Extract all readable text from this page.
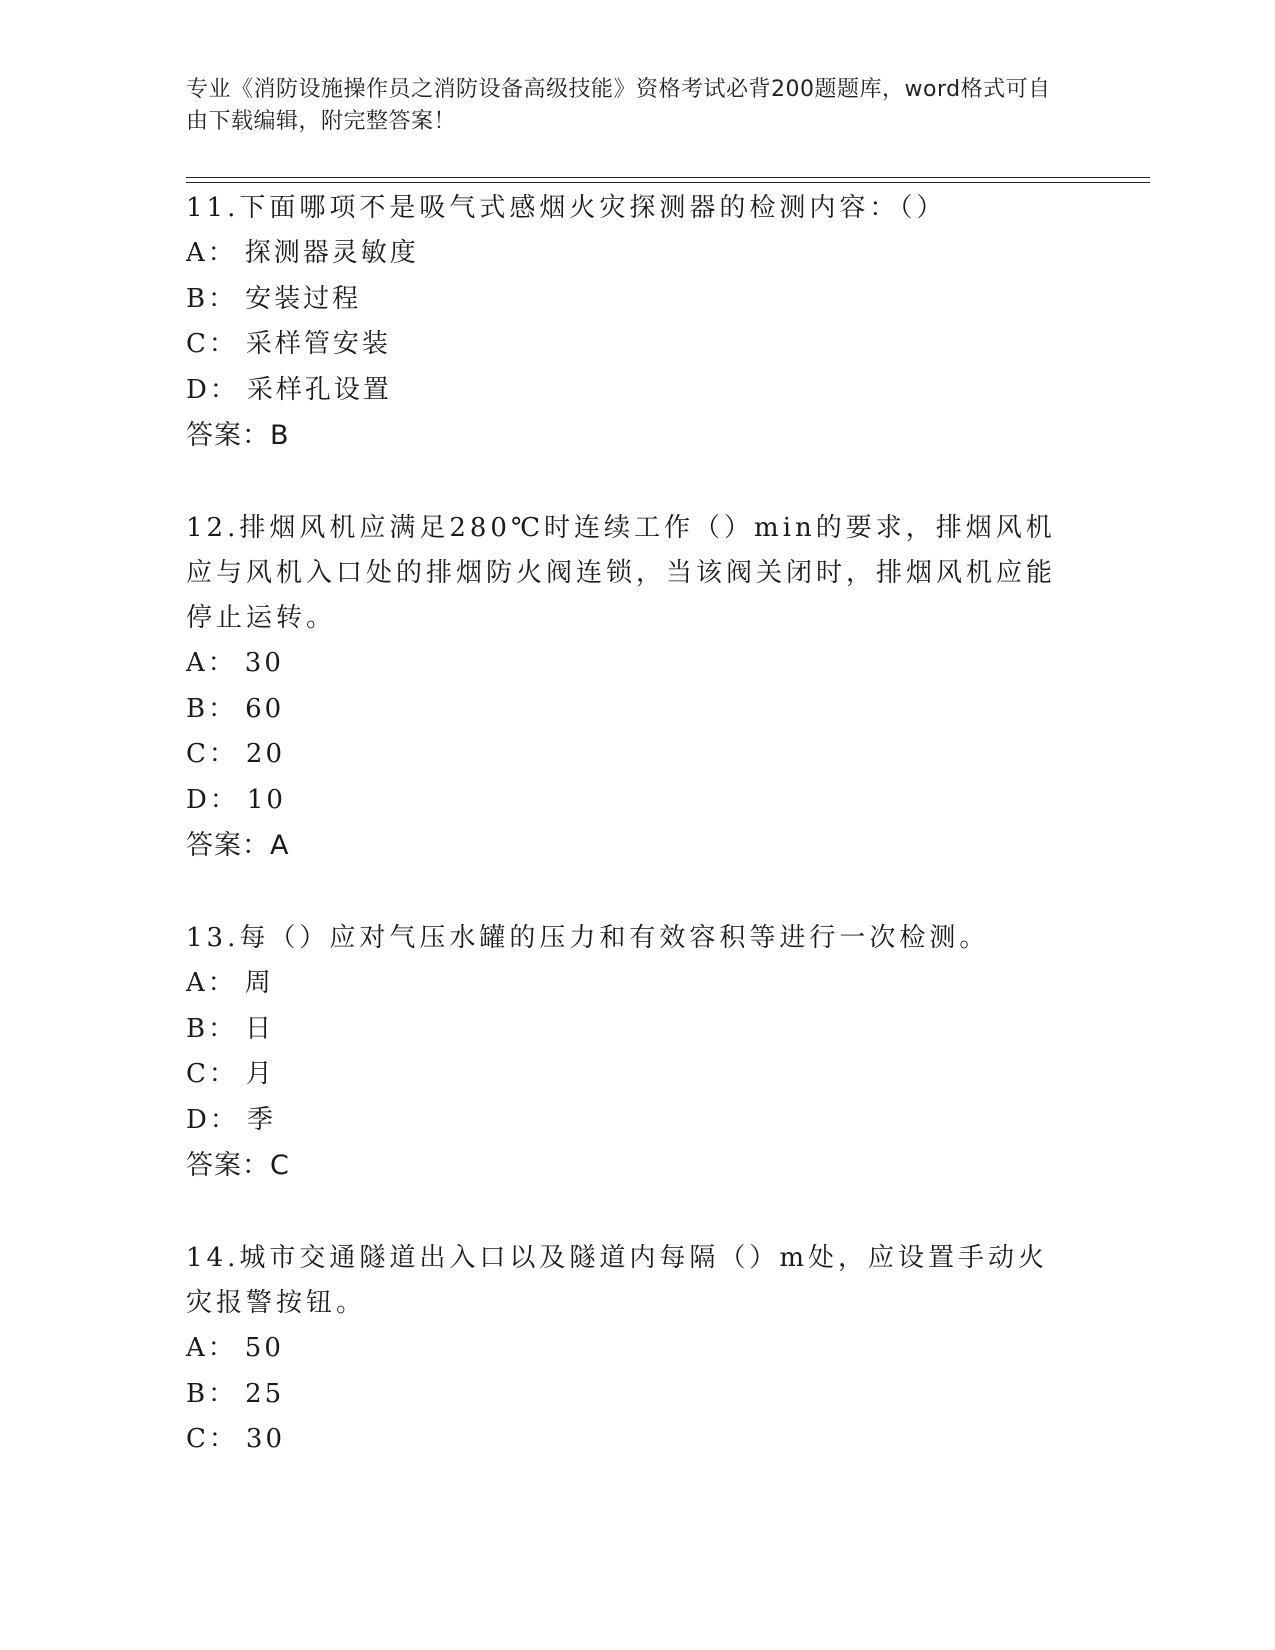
专业《消防设施操作员之消防设备高级技能》资格考试必背200题题库，word格式可自由下载编辑，附完整答案！

11.下面哪项不是吸气式感烟火灾探测器的检测内容：（）

A： 探测器灵敏度

B： 安装过程

C： 采样管安装

D： 采样孔设置

答案：B

12.排烟风机应满足280℃时连续工作（）min的要求，排烟风机应与风机入口处的排烟防火阀连锁，当该阀关闭时，排烟风机应能停止运转。

A： 30

B： 60

C： 20

D： 10

答案：A

13.每（）应对气压水罐的压力和有效容积等进行一次检测。

A： 周

B： 日

C： 月

D： 季

答案：C

14.城市交通隧道出入口以及隧道内每隔（）m处，应设置手动火灾报警按钮。

A： 50

B： 25

C： 30
